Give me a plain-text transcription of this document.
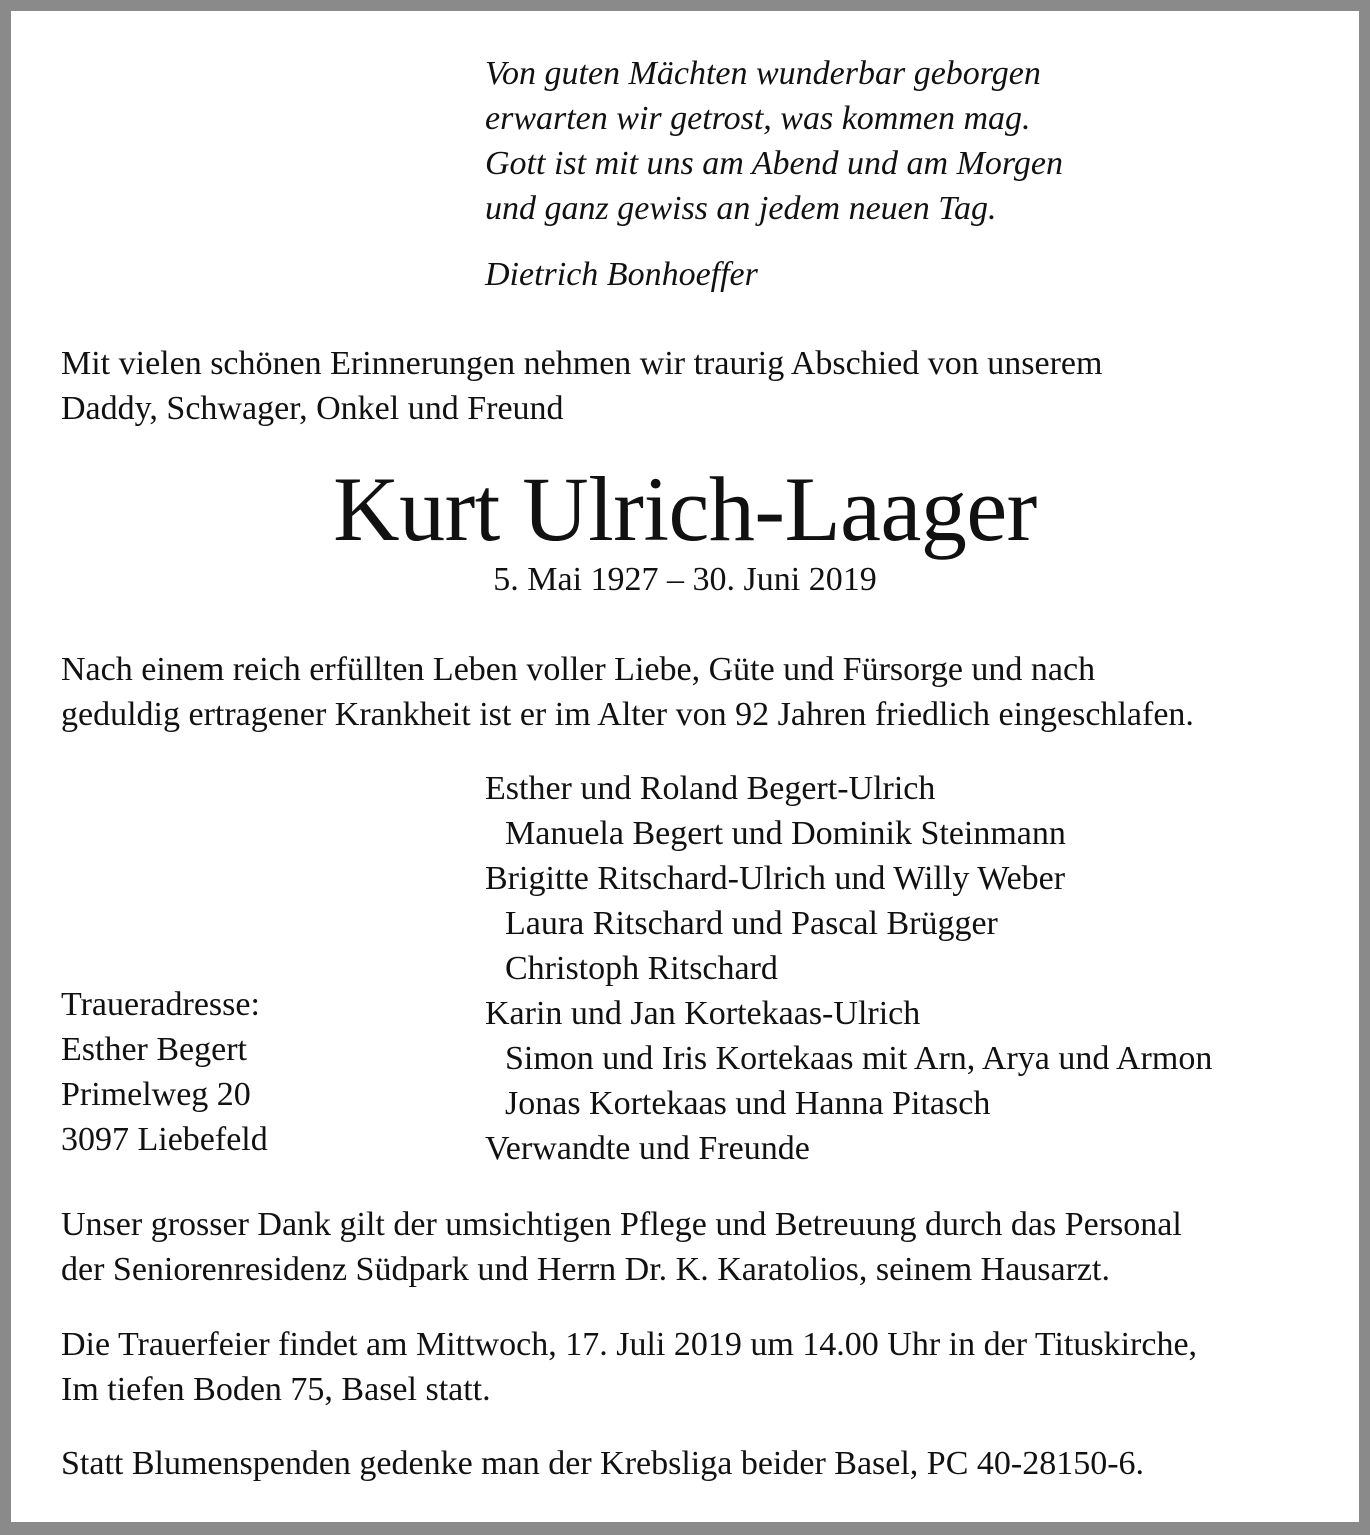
Von guten Mächten wunderbar geborgen
erwarten wir getrost, was kommen mag.
Gott ist mit uns am Abend und am Morgen
und ganz gewiss an jedem neuen Tag.
Dietrich Bonhoeffer
Mit vielen schönen Erinnerungen nehmen wir traurig Abschied von unserem
Daddy, Schwager, Onkel und Freund
Kurt Ulrich-Laager
5. Mai 1927 – 30. Juni 2019
Nach einem reich erfüllten Leben voller Liebe, Güte und Fürsorge und nach
geduldig ertragener Krankheit ist er im Alter von 92 Jahren friedlich eingeschlafen.
Esther und Roland Begert-Ulrich
Manuela Begert und Dominik Steinmann
Brigitte Ritschard-Ulrich und Willy Weber
Laura Ritschard und Pascal Brügger
Christoph Ritschard
Karin und Jan Kortekaas-Ulrich
Simon und Iris Kortekaas mit Arn, Arya und Armon
Jonas Kortekaas und Hanna Pitasch
Verwandte und Freunde
Traueradresse:
Esther Begert
Primelweg 20
3097 Liebefeld
Unser grosser Dank gilt der umsichtigen Pflege und Betreuung durch das Personal
der Seniorenresidenz Südpark und Herrn Dr. K. Karatolios, seinem Hausarzt.
Die Trauerfeier findet am Mittwoch, 17. Juli 2019 um 14.00 Uhr in der Tituskirche,
Im tiefen Boden 75, Basel statt.
Statt Blumenspenden gedenke man der Krebsliga beider Basel, PC 40-28150-6.
